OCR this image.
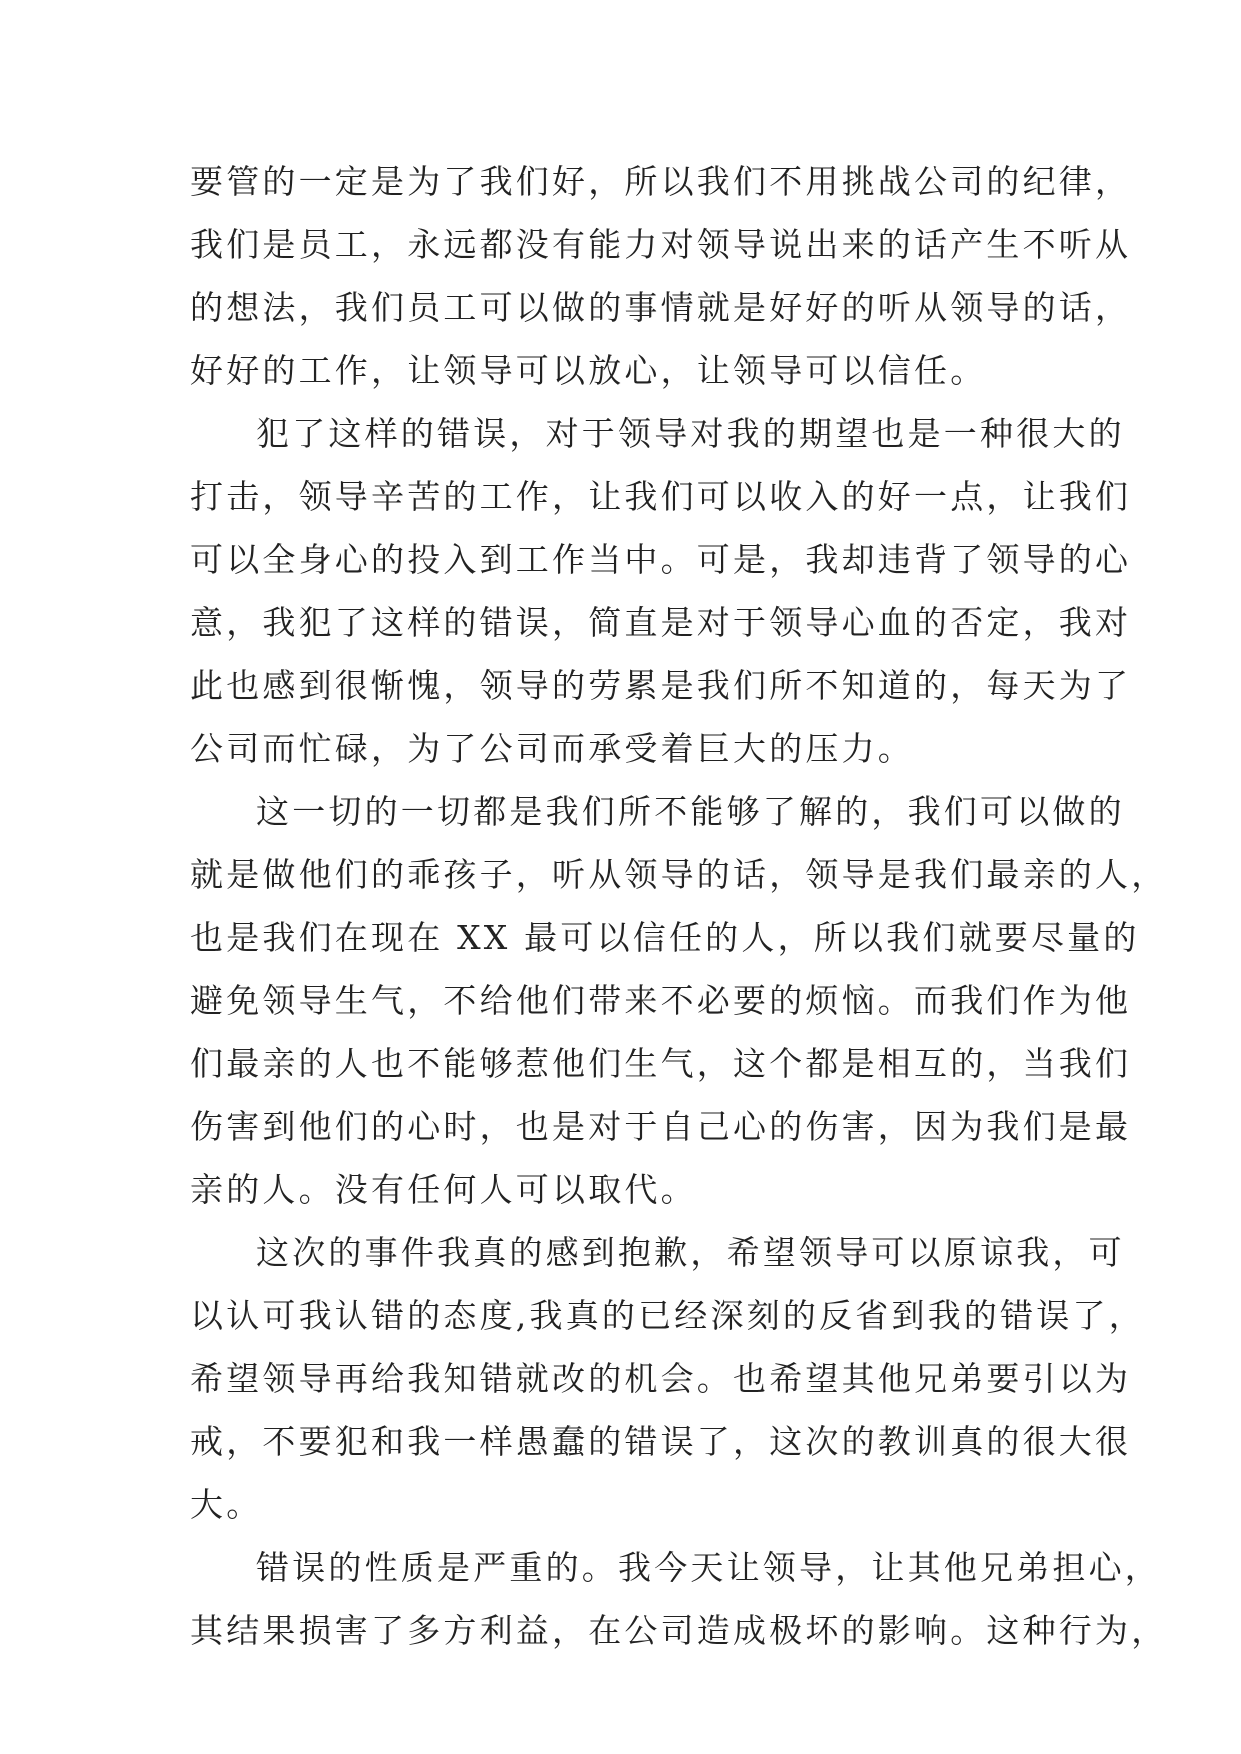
要管的一定是为了我们好，所以我们不用挑战公司的纪律，
我们是员工，永远都没有能力对领导说出来的话产生不听从
的想法，我们员工可以做的事情就是好好的听从领导的话，
好好的工作，让领导可以放心，让领导可以信任。
犯了这样的错误，对于领导对我的期望也是一种很大的
打击，领导辛苦的工作，让我们可以收入的好一点，让我们
可以全身心的投入到工作当中。可是，我却违背了领导的心
意，我犯了这样的错误，简直是对于领导心血的否定，我对
此也感到很惭愧，领导的劳累是我们所不知道的，每天为了
公司而忙碌，为了公司而承受着巨大的压力。
这一切的一切都是我们所不能够了解的，我们可以做的
就是做他们的乖孩子，听从领导的话，领导是我们最亲的人，
也是我们在现在 XX 最可以信任的人，所以我们就要尽量的
避免领导生气，不给他们带来不必要的烦恼。而我们作为他
们最亲的人也不能够惹他们生气，这个都是相互的，当我们
伤害到他们的心时，也是对于自己心的伤害，因为我们是最
亲的人。没有任何人可以取代。
这次的事件我真的感到抱歉，希望领导可以原谅我，可
以认可我认错的态度,我真的已经深刻的反省到我的错误了，
希望领导再给我知错就改的机会。也希望其他兄弟要引以为
戒，不要犯和我一样愚蠢的错误了，这次的教训真的很大很
大。
错误的性质是严重的。我今天让领导，让其他兄弟担心，
其结果损害了多方利益，在公司造成极坏的影响。这种行为，
